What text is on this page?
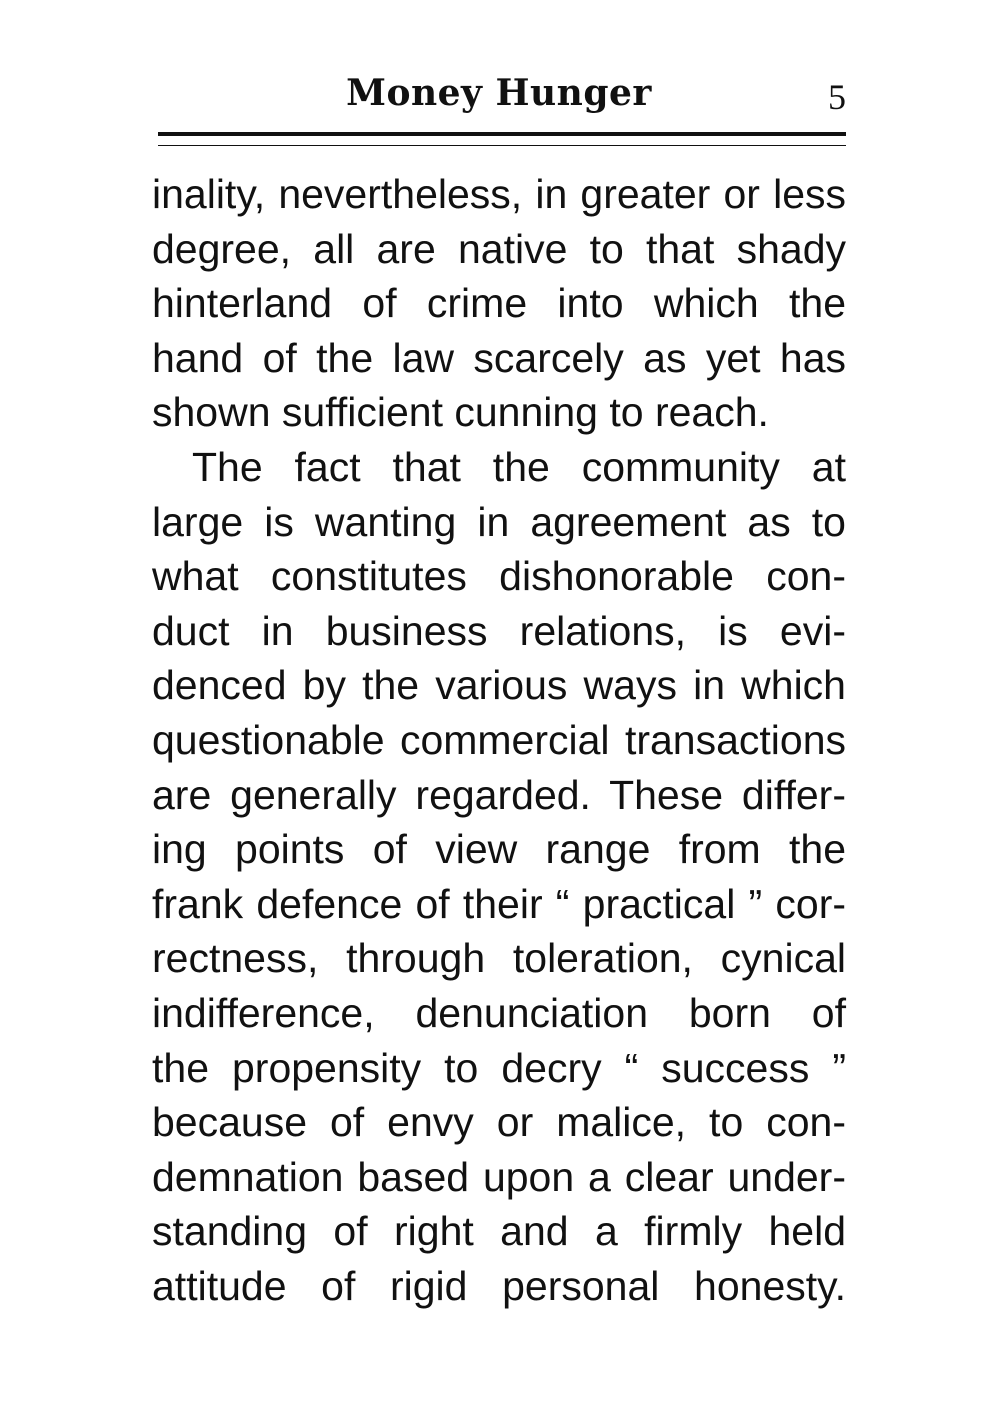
Money Hunger	5
inality, nevertheless, in greater or less
degree, all are native to that shady
hinterland of crime into which the
hand of the law scarcely as yet has
shown sufficient cunning to reach.
The fact that the community at
large is wanting in agreement as to
what constitutes dishonorable con-
duct in business relations, is evi-
denced by the various ways in which
questionable commercial transactions
are generally regarded. These differ-
ing points of view range from the
frank defence of their “ practical ” cor-
rectness, through toleration, cynical
indifference, denunciation born of
the propensity to decry “ success ”
because of envy or malice, to con-
demnation based upon a clear under-
standing of right and a firmly held
attitude of rigid personal honesty.
